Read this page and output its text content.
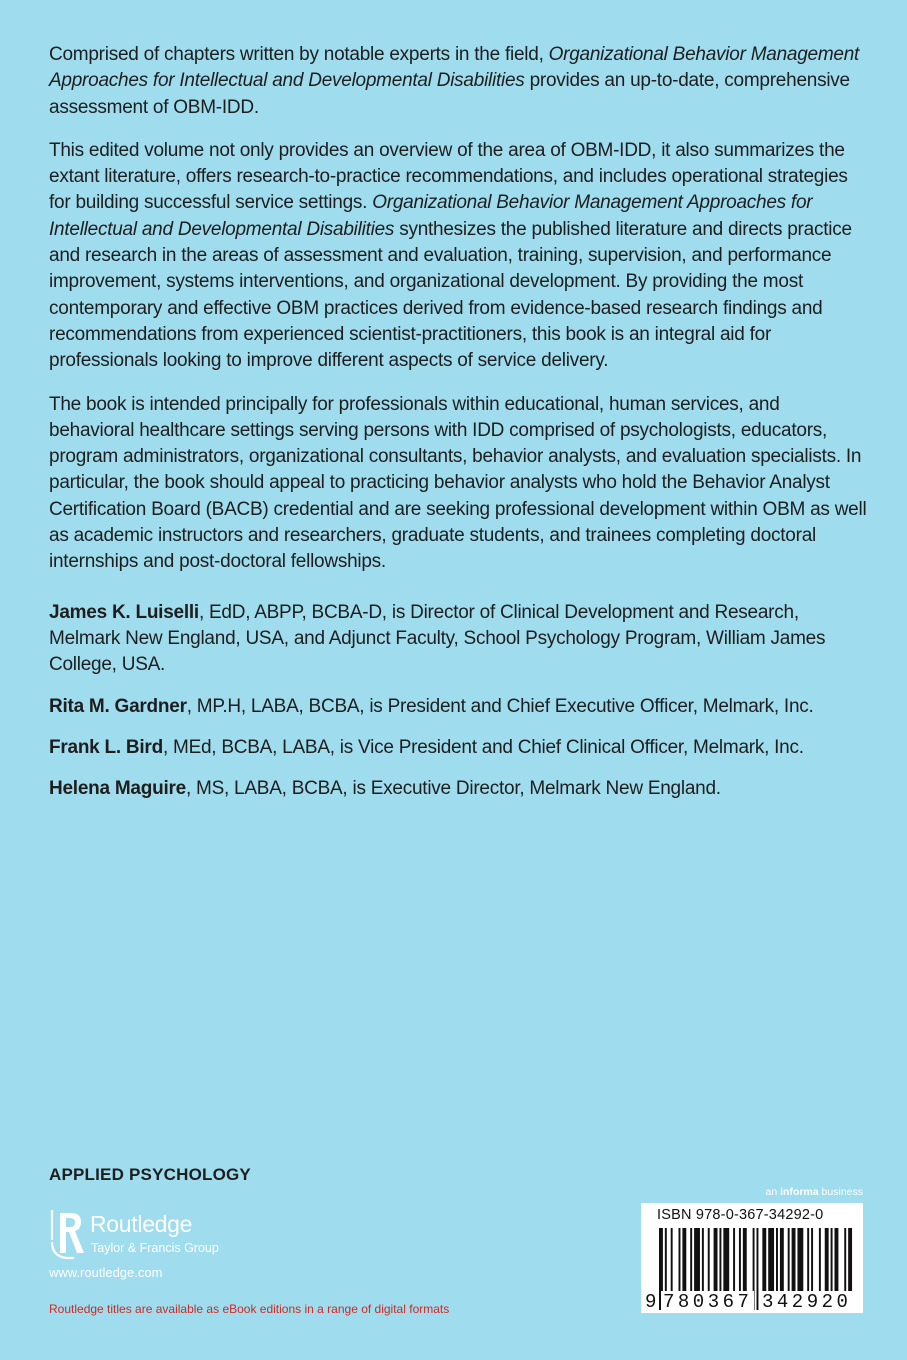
Comprised of chapters written by notable experts in the field, Organizational Behavior Management Approaches for Intellectual and Developmental Disabilities provides an up-to-date, comprehensive assessment of OBM-IDD.

This edited volume not only provides an overview of the area of OBM-IDD, it also summarizes the extant literature, offers research-to-practice recommendations, and includes operational strategies for building successful service settings. Organizational Behavior Management Approaches for Intellectual and Developmental Disabilities synthesizes the published literature and directs practice and research in the areas of assessment and evaluation, training, supervision, and performance improvement, systems interventions, and organizational development. By providing the most contemporary and effective OBM practices derived from evidence-based research findings and recommendations from experienced scientist-practitioners, this book is an integral aid for professionals looking to improve different aspects of service delivery.

The book is intended principally for professionals within educational, human services, and behavioral healthcare settings serving persons with IDD comprised of psychologists, educators, program administrators, organizational consultants, behavior analysts, and evaluation specialists. In particular, the book should appeal to practicing behavior analysts who hold the Behavior Analyst Certification Board (BACB) credential and are seeking professional development within OBM as well as academic instructors and researchers, graduate students, and trainees completing doctoral internships and post-doctoral fellowships.

James K. Luiselli, EdD, ABPP, BCBA-D, is Director of Clinical Development and Research, Melmark New England, USA, and Adjunct Faculty, School Psychology Program, William James College, USA.
Rita M. Gardner, MP.H, LABA, BCBA, is President and Chief Executive Officer, Melmark, Inc.
Frank L. Bird, MEd, BCBA, LABA, is Vice President and Chief Clinical Officer, Melmark, Inc.
Helena Maguire, MS, LABA, BCBA, is Executive Director, Melmark New England.
APPLIED PSYCHOLOGY
Routledge
Taylor & Francis Group
www.routledge.com
Routledge titles are available as eBook editions in a range of digital formats
an informa business
ISBN 978-0-367-34292-0
9 780367 342920
